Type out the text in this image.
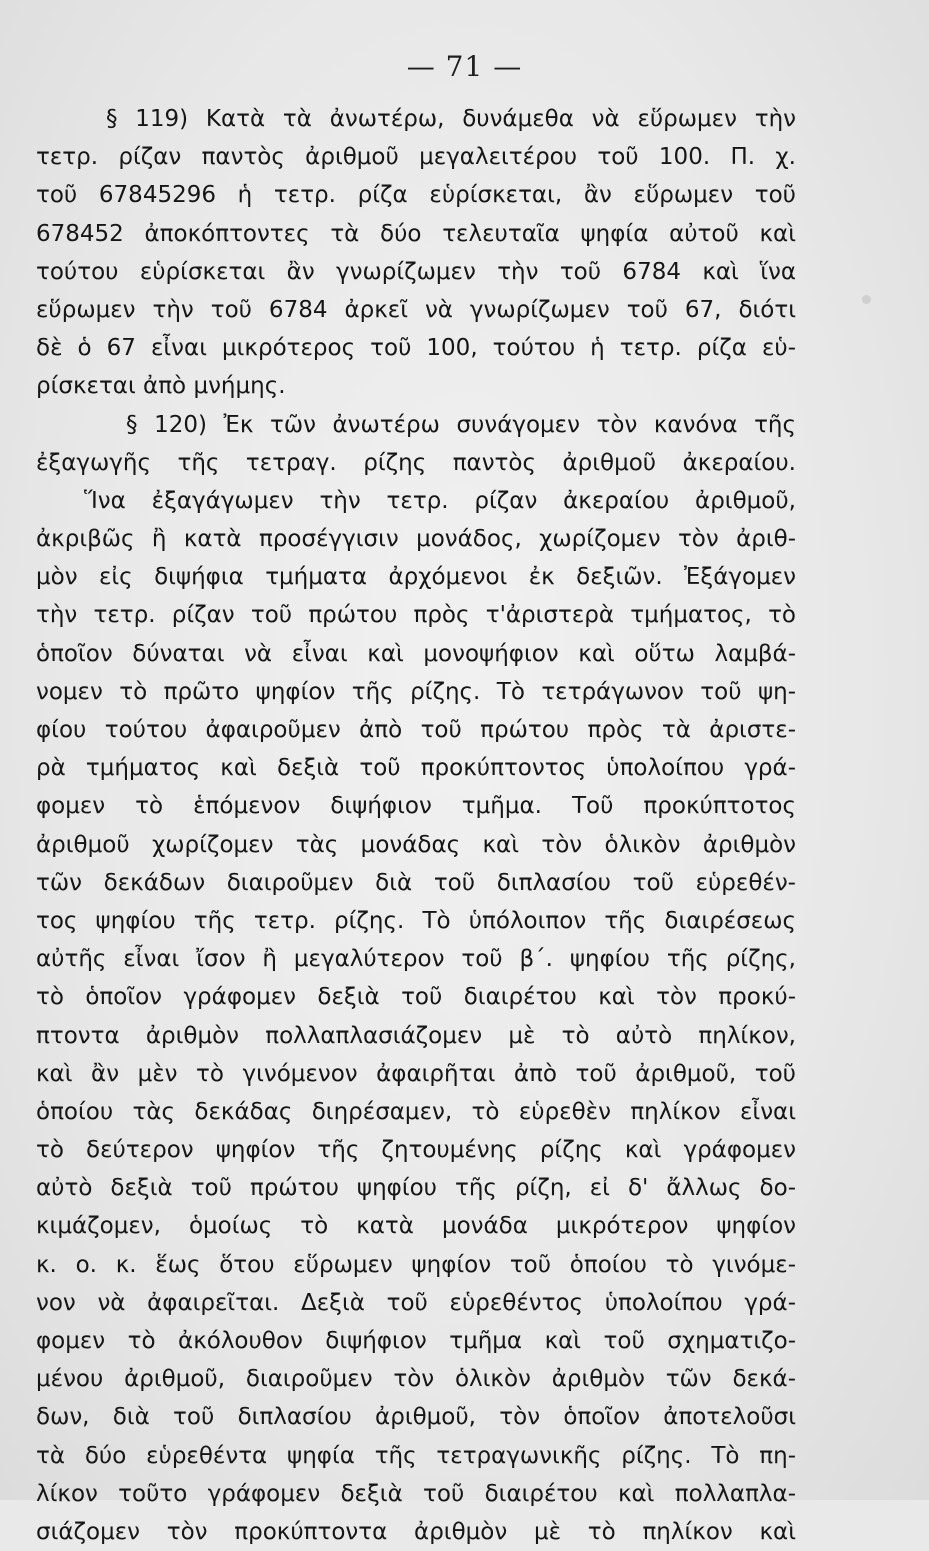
— 71 —
§ 119) Κατὰ τὰ ἀνωτέρω, δυνάμεθα νὰ εὕρωμεν τὴν
τετρ. ρίζαν παντὸς ἀριθμοῦ μεγαλειτέρου τοῦ 100. Π. χ.
τοῦ 67845296 ἡ τετρ. ρίζα εὑρίσκεται, ἂν εὕρωμεν τοῦ
678452 ἀποκόπτοντες τὰ δύο τελευταῖα ψηφία αὐτοῦ καὶ
τούτου εὑρίσκεται ἂν γνωρίζωμεν τὴν τοῦ 6784 καὶ ἵνα
εὕρωμεν τὴν τοῦ 6784 ἀρκεῖ νὰ γνωρίζωμεν τοῦ 67, διότι
δὲ ὁ 67 εἶναι μικρότερος τοῦ 100, τούτου ἡ τετρ. ρίζα εὑ-
ρίσκεται ἀπὸ μνήμης.
§ 120) Ἐκ τῶν ἀνωτέρω συνάγομεν τὸν κανόνα τῆς
ἐξαγωγῆς τῆς τετραγ. ρίζης παντὸς ἀριθμοῦ ἀκεραίου.
Ἵνα ἐξαγάγωμεν τὴν τετρ. ρίζαν ἀκεραίου ἀριθμοῦ,
ἀκριβῶς ἢ κατὰ προσέγγισιν μονάδος, χωρίζομεν τὸν ἀριθ-
μὸν εἰς διψήφια τμήματα ἀρχόμενοι ἐκ δεξιῶν. Ἐξάγομεν
τὴν τετρ. ρίζαν τοῦ πρώτου πρὸς τ'ἀριστερὰ τμήματος, τὸ
ὁποῖον δύναται νὰ εἶναι καὶ μονοψήφιον καὶ οὕτω λαμβά-
νομεν τὸ πρῶτο ψηφίον τῆς ρίζης. Τὸ τετράγωνον τοῦ ψη-
φίου τούτου ἀφαιροῦμεν ἀπὸ τοῦ πρώτου πρὸς τὰ ἀριστε-
ρὰ τμήματος καὶ δεξιὰ τοῦ προκύπτοντος ὑπολοίπου γρά-
φομεν τὸ ἑπόμενον διψήφιον τμῆμα. Τοῦ προκύπτοτος
ἀριθμοῦ χωρίζομεν τὰς μονάδας καὶ τὸν ὁλικὸν ἀριθμὸν
τῶν δεκάδων διαιροῦμεν διὰ τοῦ διπλασίου τοῦ εὑρεθέν-
τος ψηφίου τῆς τετρ. ρίζης. Τὸ ὑπόλοιπον τῆς διαιρέσεως
αὐτῆς εἶναι ἴσον ἢ μεγαλύτερον τοῦ β΄. ψηφίου τῆς ρίζης,
τὸ ὁποῖον γράφομεν δεξιὰ τοῦ διαιρέτου καὶ τὸν προκύ-
πτοντα ἀριθμὸν πολλαπλασιάζομεν μὲ τὸ αὐτὸ πηλίκον,
καὶ ἂν μὲν τὸ γινόμενον ἀφαιρῆται ἀπὸ τοῦ ἀριθμοῦ, τοῦ
ὁποίου τὰς δεκάδας διηρέσαμεν, τὸ εὑρεθὲν πηλίκον εἶναι
τὸ δεύτερον ψηφίον τῆς ζητουμένης ρίζης καὶ γράφομεν
αὐτὸ δεξιὰ τοῦ πρώτου ψηφίου τῆς ρίζη, εἰ δ' ἄλλως δο-
κιμάζομεν, ὁμοίως τὸ κατὰ μονάδα μικρότερον ψηφίον
κ. ο. κ. ἕως ὅτου εὕρωμεν ψηφίον τοῦ ὁποίου τὸ γινόμε-
νον νὰ ἀφαιρεῖται. Δεξιὰ τοῦ εὑρεθέντος ὑπολοίπου γρά-
φομεν τὸ ἀκόλουθον διψήφιον τμῆμα καὶ τοῦ σχηματιζο-
μένου ἀριθμοῦ, διαιροῦμεν τὸν ὁλικὸν ἀριθμὸν τῶν δεκά-
δων, διὰ τοῦ διπλασίου ἀριθμοῦ, τὸν ὁποῖον ἀποτελοῦσι
τὰ δύο εὑρεθέντα ψηφία τῆς τετραγωνικῆς ρίζης. Τὸ πη-
λίκον τοῦτο γράφομεν δεξιὰ τοῦ διαιρέτου καὶ πολλαπλα-
σιάζομεν τὸν προκύπτοντα ἀριθμὸν μὲ τὸ πηλίκον καὶ
